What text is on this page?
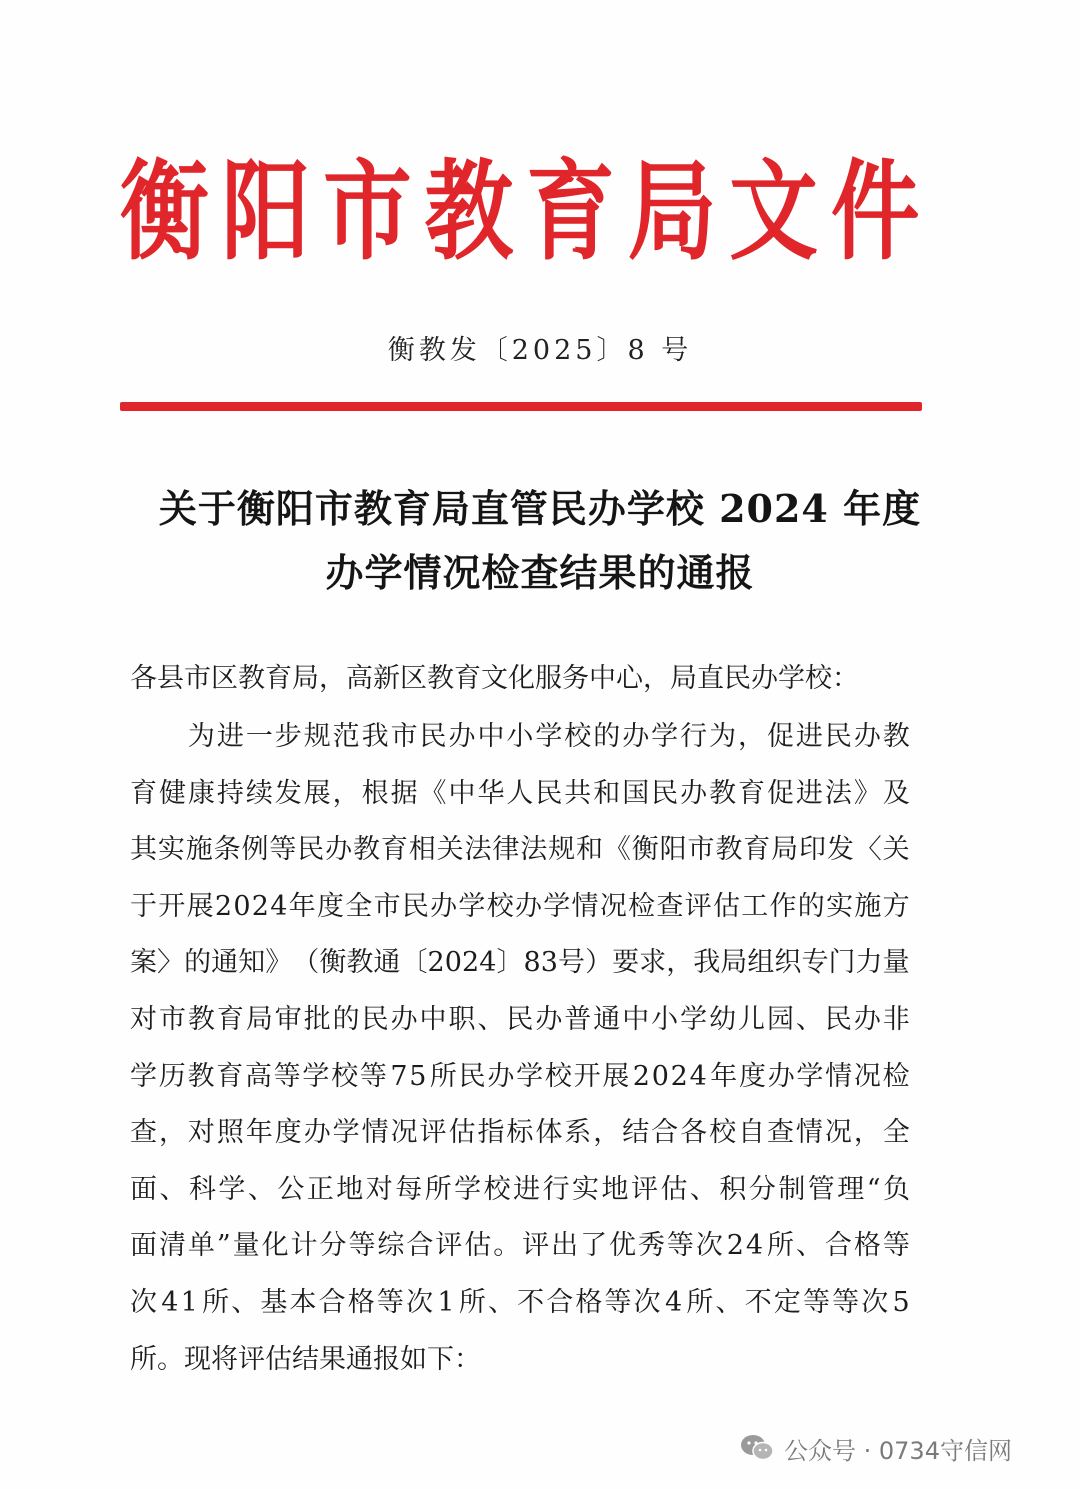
衡 阳 市 教 育 局 文 件
衡教发〔2025〕8 号
关于衡阳市教育局直管民办学校 2024 年度
办学情况检查结果的通报
各县市区教育局，高新区教育文化服务中心，局直民办学校：

为 进 一 步 规 范 我 市 民 办 中 小 学 校 的 办 学 行 为 ， 促 进 民 办 教
育 健 康 持 续 发 展 ， 根 据 《 中 华 人 民 共 和 国 民 办 教 育 促 进 法 》 及
其 实 施 条 例 等 民 办 教 育 相 关 法 律 法 规 和 《 衡 阳 市 教 育 局 印 发 〈 关
于 开 展 2 0 2 4 年 度 全 市 民 办 学 校 办 学 情 况 检 查 评 估 工 作 的 实 施 方
案 〉 的 通 知 》 （ 衡 教 通 〔 2 0 2 4 〕 8 3 号 ） 要 求 ， 我 局 组 织 专 门 力 量
对 市 教 育 局 审 批 的 民 办 中 职 、 民 办 普 通 中 小 学 幼 儿 园 、 民 办 非
学 历 教 育 高 等 学 校 等 7 5 所 民 办 学 校 开 展 2 0 2 4 年 度 办 学 情 况 检
查 ， 对 照 年 度 办 学 情 况 评 估 指 标 体 系 ， 结 合 各 校 自 查 情 况 ， 全
面 、 科 学 、 公 正 地 对 每 所 学 校 进 行 实 地 评 估 、 积 分 制 管 理 “ 负
面 清 单 ” 量 化 计 分 等 综 合 评 估 。 评 出 了 优 秀 等 次 2 4 所 、 合 格 等
次 4 1 所 、 基 本 合 格 等 次 1 所 、 不 合 格 等 次 4 所 、 不 定 等 等 次 5
所。现将评估结果通报如下：
公众号 · 0734守信网
